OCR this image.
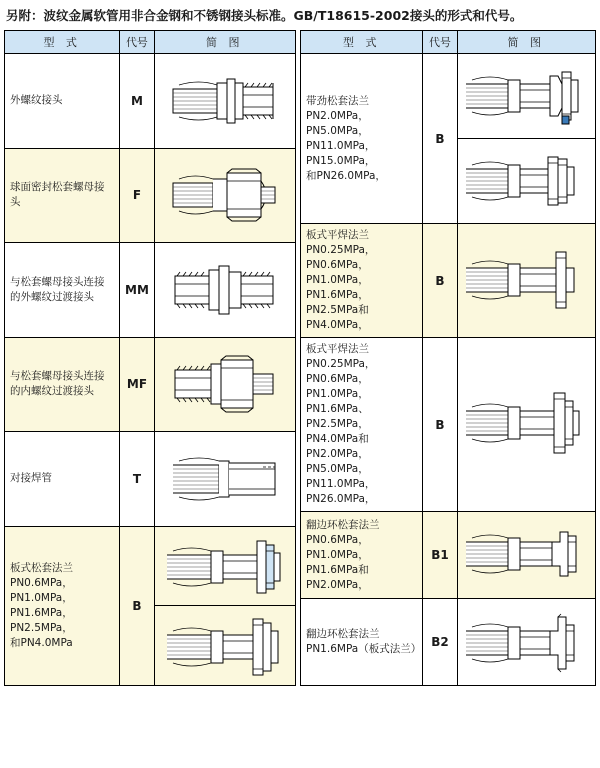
另附：波纹金属软管用非合金钢和不锈钢接头标准。GB/T18615-2002接头的形式和代号。
型 式	代号	简 图
外螺纹接头	M	

球面密封松套螺母接头	F	

与松套螺母接头连接的外螺纹过渡接头	MM	

与松套螺母接头连接的内螺纹过渡接头	MF	

对接焊管	T	

板式松套法兰
PN0.6MPa，PN1.0MPa，
PN1.6MPa，PN2.5MPa，
和PN4.0MPa	B	

型 式	代号	简 图
带劲松套法兰
PN2.0MPa，PN5.0MPa，
PN11.0MPa，PN15.0MPa，
和PN26.0MPa，	B	

板式平焊法兰
PN0.25MPa，PN0.6MPa，
PN1.0MPa，PN1.6MPa，
PN2.5MPa和PN4.0MPa，	B	

板式平焊法兰
PN0.25MPa，PN0.6MPa，
PN1.0MPa，PN1.6MPa、
PN2.5MPa，PN4.0MPa和
PN2.0MPa，PN5.0MPa，
PN11.0MPa，PN26.0MPa，	B	

翻边环松套法兰
PN0.6MPa，PN1.0MPa，
PN1.6MPa和PN2.0MPa，	B1	

翻边环松套法兰
PN1.6MPa（板式法兰）	B2	
